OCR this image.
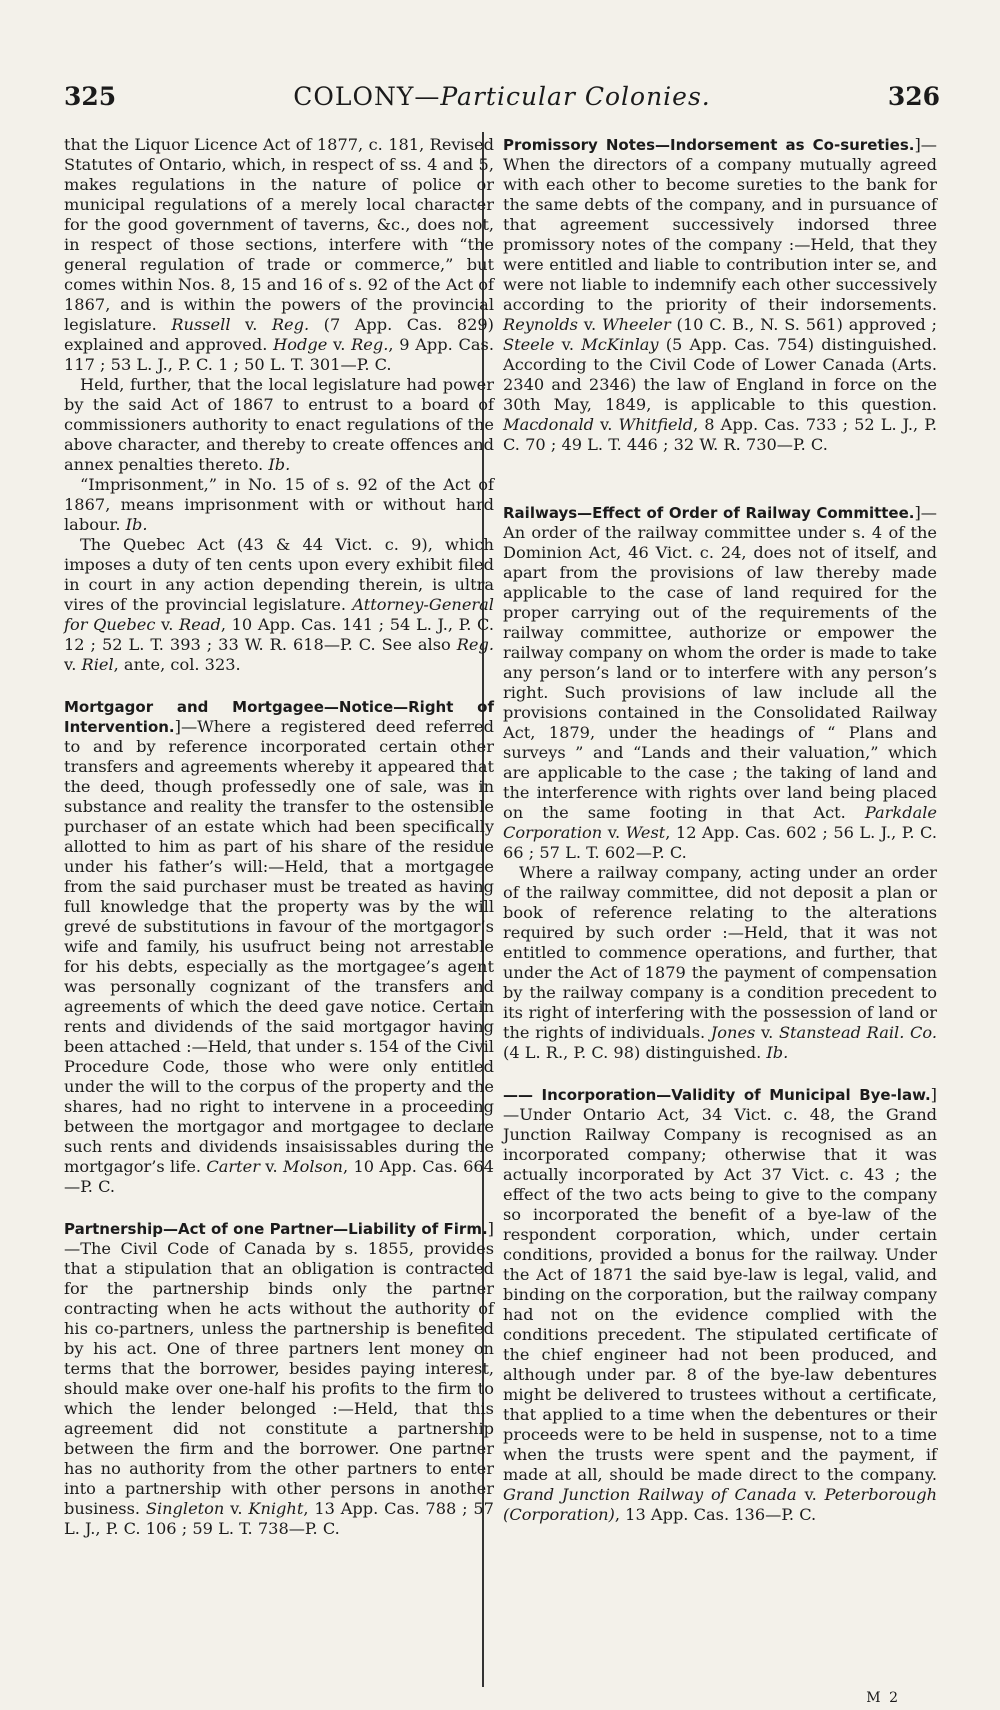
325	COLONY—Particular Colonies.	326

that the Liquor Licence Act of 1877, c. 181, Revised Statutes of Ontario, which, in respect of ss. 4 and 5, makes regulations in the nature of police or municipal regulations of a merely local character for the good government of taverns, &c., does not, in respect of those sections, interfere with “the general regulation of trade or commerce,” but comes within Nos. 8, 15 and 16 of s. 92 of the Act of 1867, and is within the powers of the provincial legislature. Russell v. Reg. (7 App. Cas. 829) explained and approved. Hodge v. Reg., 9 App. Cas. 117 ; 53 L. J., P. C. 1 ; 50 L. T. 301—P. C.

Held, further, that the local legislature had power by the said Act of 1867 to entrust to a board of commissioners authority to enact regulations of the above character, and thereby to create offences and annex penalties thereto. Ib.

“Imprisonment,” in No. 15 of s. 92 of the Act of 1867, means imprisonment with or without hard labour. Ib.

The Quebec Act (43 & 44 Vict. c. 9), which imposes a duty of ten cents upon every exhibit filed in court in any action depending therein, is ultra vires of the provincial legislature. Attorney-General for Quebec v. Read, 10 App. Cas. 141 ; 54 L. J., P. C. 12 ; 52 L. T. 393 ; 33 W. R. 618—P. C. See also Reg. v. Riel, ante, col. 323.

Mortgagor and Mortgagee—Notice—Right of Intervention.]—Where a registered deed referred to and by reference incorporated certain other transfers and agreements whereby it appeared that the deed, though professedly one of sale, was in substance and reality the transfer to the ostensible purchaser of an estate which had been specifically allotted to him as part of his share of the residue under his father’s will:—Held, that a mortgagee from the said purchaser must be treated as having full knowledge that the property was by the will grevé de substitutions in favour of the mortgagor’s wife and family, his usufruct being not arrestable for his debts, especially as the mortgagee’s agent was personally cognizant of the transfers and agreements of which the deed gave notice. Certain rents and dividends of the said mortgagor having been attached :—Held, that under s. 154 of the Civil Procedure Code, those who were only entitled under the will to the corpus of the property and the shares, had no right to intervene in a proceeding between the mortgagor and mortgagee to declare such rents and dividends insaisissables during the mortgagor’s life. Carter v. Molson, 10 App. Cas. 664—P. C.

Partnership—Act of one Partner—Liability of Firm.]—The Civil Code of Canada by s. 1855, provides that a stipulation that an obligation is contracted for the partnership binds only the partner contracting when he acts without the authority of his co-partners, unless the partnership is benefited by his act. One of three partners lent money on terms that the borrower, besides paying interest, should make over one-half his profits to the firm to which the lender belonged :—Held, that this agreement did not constitute a partnership between the firm and the borrower. One partner has no authority from the other partners to enter into a partnership with other persons in another business. Singleton v. Knight, 13 App. Cas. 788 ; 57 L. J., P. C. 106 ; 59 L. T. 738—P. C.

Promissory Notes—Indorsement as Co-sureties.]—When the directors of a company mutually agreed with each other to become sureties to the bank for the same debts of the company, and in pursuance of that agreement successively indorsed three promissory notes of the company :—Held, that they were entitled and liable to contribution inter se, and were not liable to indemnify each other successively according to the priority of their indorsements. Reynolds v. Wheeler (10 C. B., N. S. 561) approved ; Steele v. McKinlay (5 App. Cas. 754) distinguished. According to the Civil Code of Lower Canada (Arts. 2340 and 2346) the law of England in force on the 30th May, 1849, is applicable to this question. Macdonald v. Whitfield, 8 App. Cas. 733 ; 52 L. J., P. C. 70 ; 49 L. T. 446 ; 32 W. R. 730—P. C.

Railways—Effect of Order of Railway Committee.]—An order of the railway committee under s. 4 of the Dominion Act, 46 Vict. c. 24, does not of itself, and apart from the provisions of law thereby made applicable to the case of land required for the proper carrying out of the requirements of the railway committee, authorize or empower the railway company on whom the order is made to take any person’s land or to interfere with any person’s right. Such provisions of law include all the provisions contained in the Consolidated Railway Act, 1879, under the headings of “ Plans and surveys ” and “Lands and their valuation,” which are applicable to the case ; the taking of land and the interference with rights over land being placed on the same footing in that Act. Parkdale Corporation v. West, 12 App. Cas. 602 ; 56 L. J., P. C. 66 ; 57 L. T. 602—P. C.

Where a railway company, acting under an order of the railway committee, did not deposit a plan or book of reference relating to the alterations required by such order :—Held, that it was not entitled to commence operations, and further, that under the Act of 1879 the payment of compensation by the railway company is a condition precedent to its right of interfering with the possession of land or the rights of individuals. Jones v. Stanstead Rail. Co. (4 L. R., P. C. 98) distinguished. Ib.

—— Incorporation—Validity of Municipal Bye-law.]—Under Ontario Act, 34 Vict. c. 48, the Grand Junction Railway Company is recognised as an incorporated company; otherwise that it was actually incorporated by Act 37 Vict. c. 43 ; the effect of the two acts being to give to the company so incorporated the benefit of a bye-law of the respondent corporation, which, under certain conditions, provided a bonus for the railway. Under the Act of 1871 the said bye-law is legal, valid, and binding on the corporation, but the railway company had not on the evidence complied with the conditions precedent. The stipulated certificate of the chief engineer had not been produced, and although under par. 8 of the bye-law debentures might be delivered to trustees without a certificate, that applied to a time when the debentures or their proceeds were to be held in suspense, not to a time when the trusts were spent and the payment, if made at all, should be made direct to the company. Grand Junction Railway of Canada v. Peterborough (Corporation), 13 App. Cas. 136—P. C.

M 2
